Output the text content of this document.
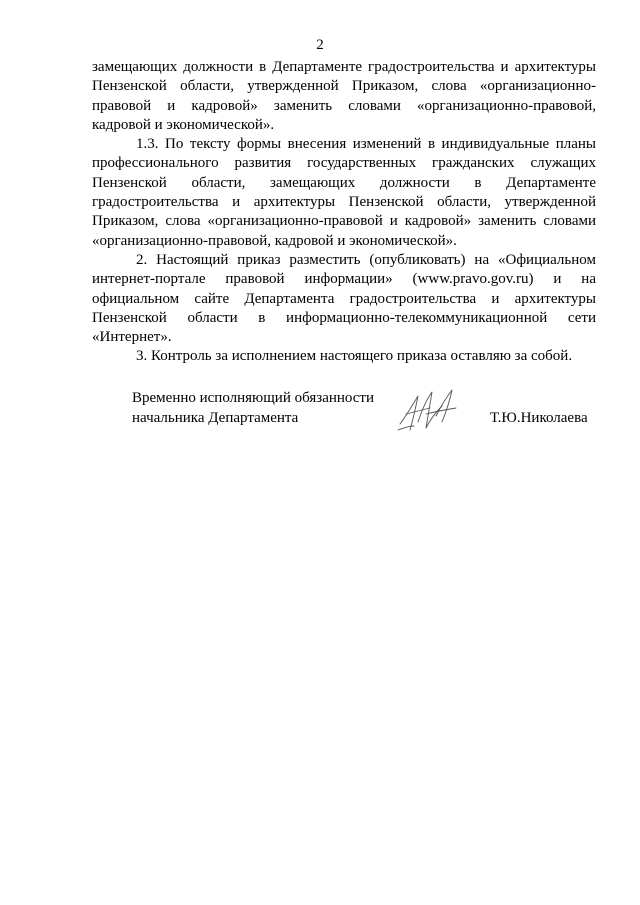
2

замещающих должности в Департаменте градостроительства и архитектуры Пензенской области, утвержденной Приказом, слова «организационно-правовой и кадровой» заменить словами «организационно-правовой, кадровой и экономической».

1.3. По тексту формы внесения изменений в индивидуальные планы профессионального развития государственных гражданских служащих Пензенской области, замещающих должности в Департаменте градостроительства и архитектуры Пензенской области, утвержденной Приказом, слова «организационно-правовой и кадровой» заменить словами «организационно-правовой, кадровой и экономической».

2. Настоящий приказ разместить (опубликовать) на «Официальном интернет-портале правовой информации» (www.pravo.gov.ru) и на официальном сайте Департамента градостроительства и архитектуры Пензенской области в информационно-телекоммуникационной сети «Интернет».

3. Контроль за исполнением настоящего приказа оставляю за собой.

Временно исполняющий обязанности
начальника Департамента	Т.Ю.Николаева
